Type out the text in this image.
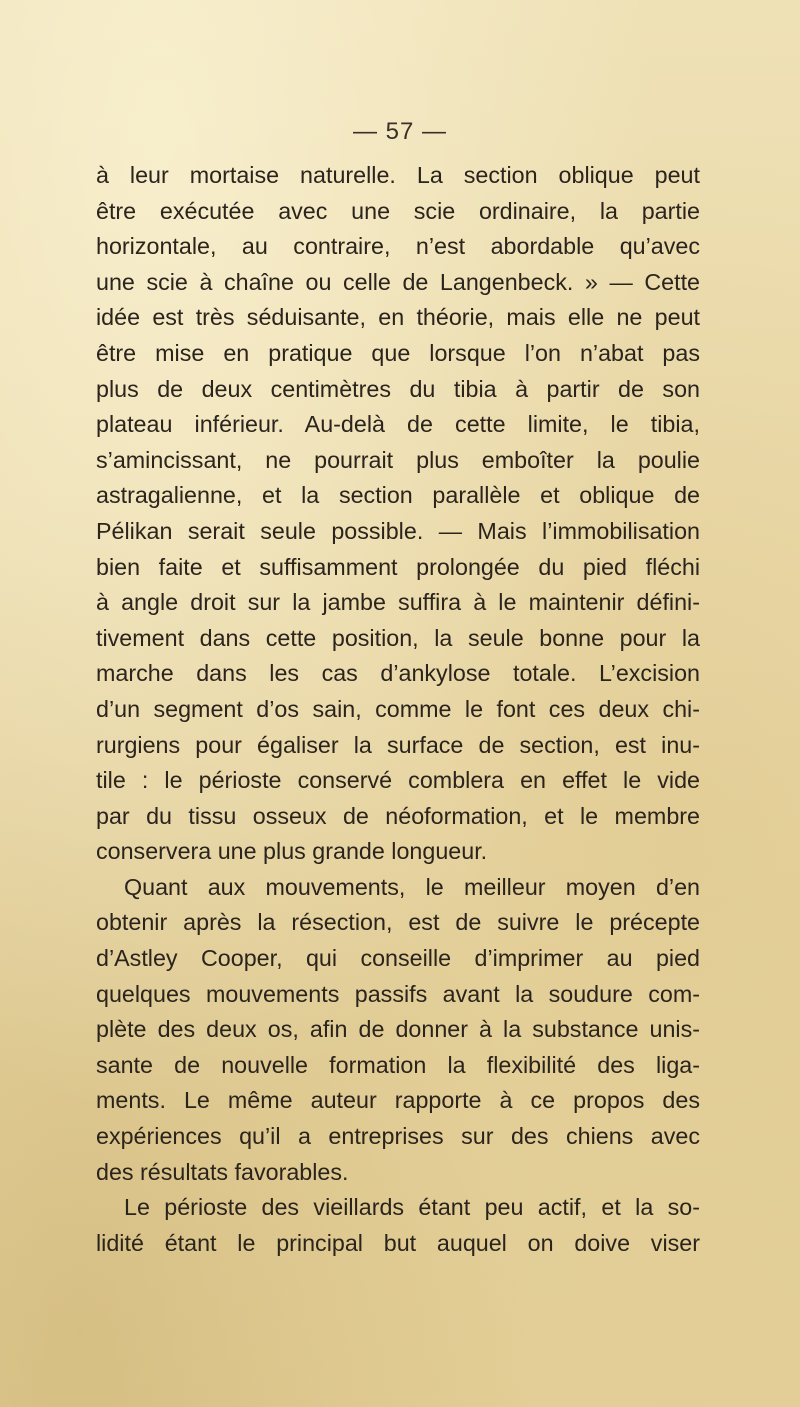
— 57 —
à leur mortaise naturelle. La section oblique peut
être exécutée avec une scie ordinaire, la partie
horizontale, au contraire, n’est abordable qu’avec
une scie à chaîne ou celle de Langenbeck. » — Cette
idée est très séduisante, en théorie, mais elle ne peut
être mise en pratique que lorsque l’on n’abat pas
plus de deux centimètres du tibia à partir de son
plateau inférieur. Au-delà de cette limite, le tibia,
s’amincissant, ne pourrait plus emboîter la poulie
astragalienne, et la section parallèle et oblique de
Pélikan serait seule possible. — Mais l’immobilisation
bien faite et suffisamment prolongée du pied fléchi
à angle droit sur la jambe suffira à le maintenir défini-
tivement dans cette position, la seule bonne pour la
marche dans les cas d’ankylose totale. L’excision
d’un segment d’os sain, comme le font ces deux chi-
rurgiens pour égaliser la surface de section, est inu-
tile : le périoste conservé comblera en effet le vide
par du tissu osseux de néoformation, et le membre
conservera une plus grande longueur.
Quant aux mouvements, le meilleur moyen d’en
obtenir après la résection, est de suivre le précepte
d’Astley Cooper, qui conseille d’imprimer au pied
quelques mouvements passifs avant la soudure com-
plète des deux os, afin de donner à la substance unis-
sante de nouvelle formation la flexibilité des liga-
ments. Le même auteur rapporte à ce propos des
expériences qu’il a entreprises sur des chiens avec
des résultats favorables.
Le périoste des vieillards étant peu actif, et la so-
lidité étant le principal but auquel on doive viser
